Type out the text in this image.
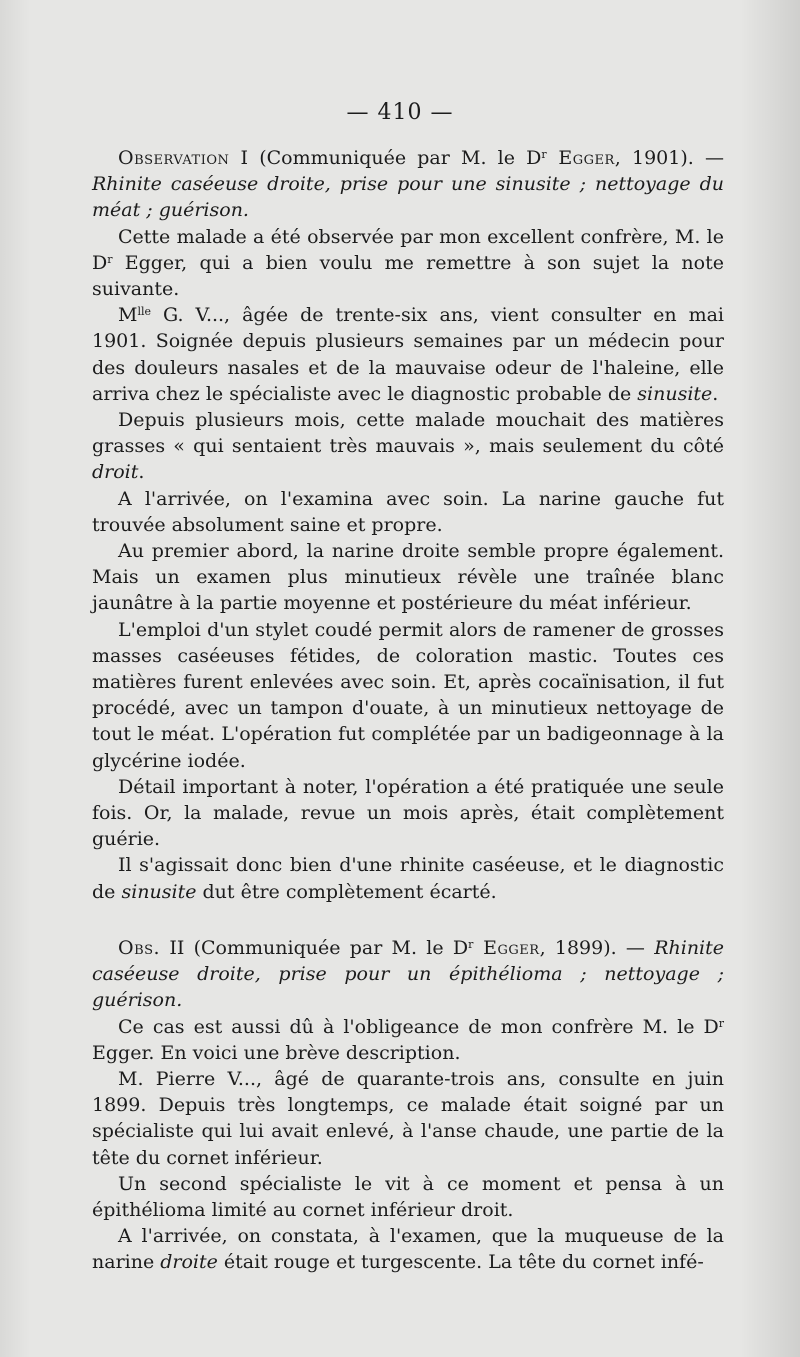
— 410 —

Observation I (Communiquée par M. le $D^r$ Egger, 1901). — Rhinite caséeuse droite, prise pour une sinusite ; nettoyage du méat ; guérison.

Cette malade a été observée par mon excellent confrère, M. le $D^r$ Egger, qui a bien voulu me remettre à son sujet la note suivante.

$M^{lle}$ G. V..., âgée de trente-six ans, vient consulter en mai 1901. Soignée depuis plusieurs semaines par un médecin pour des douleurs nasales et de la mauvaise odeur de l'haleine, elle arriva chez le spécialiste avec le diagnostic probable de sinusite.

Depuis plusieurs mois, cette malade mouchait des matières grasses « qui sentaient très mauvais », mais seulement du côté droit.

A l'arrivée, on l'examina avec soin. La narine gauche fut trouvée absolument saine et propre.

Au premier abord, la narine droite semble propre également. Mais un examen plus minutieux révèle une traînée blanc jaunâtre à la partie moyenne et postérieure du méat inférieur.

L'emploi d'un stylet coudé permit alors de ramener de grosses masses caséeuses fétides, de coloration mastic. Toutes ces matières furent enlevées avec soin. Et, après cocaïnisation, il fut procédé, avec un tampon d'ouate, à un minutieux nettoyage de tout le méat. L'opération fut complétée par un badigeonnage à la glycérine iodée.

Détail important à noter, l'opération a été pratiquée une seule fois. Or, la malade, revue un mois après, était complètement guérie.

Il s'agissait donc bien d'une rhinite caséeuse, et le diagnostic de sinusite dut être complètement écarté.

Obs. II (Communiquée par M. le $D^r$ Egger, 1899). — Rhinite caséeuse droite, prise pour un épithélioma ; nettoyage ; guérison.

Ce cas est aussi dû à l'obligeance de mon confrère M. le $D^r$ Egger. En voici une brève description.

M. Pierre V..., âgé de quarante-trois ans, consulte en juin 1899. Depuis très longtemps, ce malade était soigné par un spécialiste qui lui avait enlevé, à l'anse chaude, une partie de la tête du cornet inférieur.

Un second spécialiste le vit à ce moment et pensa à un épithélioma limité au cornet inférieur droit.

A l'arrivée, on constata, à l'examen, que la muqueuse de la narine droite était rouge et turgescente. La tête du cornet infé-
